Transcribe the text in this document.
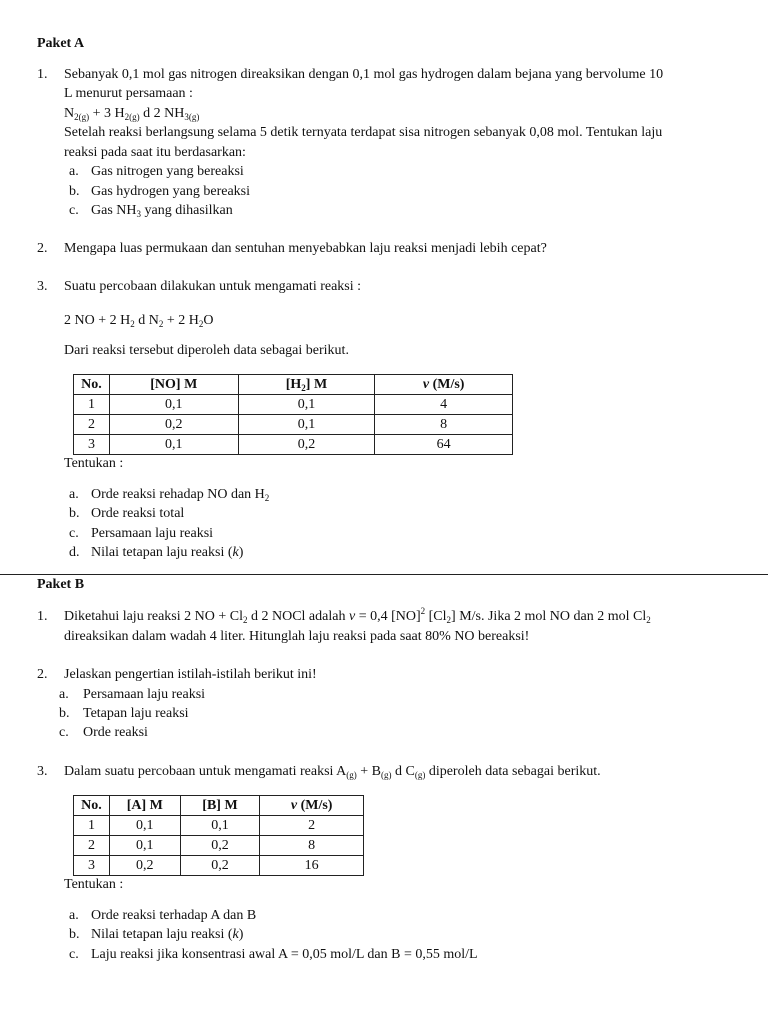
Paket A
1. Sebanyak 0,1 mol gas nitrogen direaksikan dengan 0,1 mol gas hydrogen dalam bejana yang bervolume 10
L menurut persamaan :
$N_{2(g)} + 3$ $H_{2(g)}$ d 2 $NH_{3(g)}$
Setelah reaksi berlangsung selama 5 detik ternyata terdapat sisa nitrogen sebanyak 0,08 mol. Tentukan laju
reaksi pada saat itu berdasarkan:
a. Gas nitrogen yang bereaksi
b. Gas hydrogen yang bereaksi
c. Gas $NH_3$ yang dihasilkan
2. Mengapa luas permukaan dan sentuhan menyebabkan laju reaksi menjadi lebih cepat?
3. Suatu percobaan dilakukan untuk mengamati reaksi :
2 NO + 2 $H_2$ d $N_2 + 2$ $H_2O$
Dari reaksi tersebut diperoleh data sebagai berikut.
No.	[NO] M	$[H_2]$ M	v (M/s)
1	0,1	0,1	4
2	0,2	0,1	8
3	0,1	0,2	64
Tentukan :
a. Orde reaksi rehadap NO dan $H_2$
b. Orde reaksi total
c. Persamaan laju reaksi
d. Nilai tetapan laju reaksi (k)
Paket B
1. Diketahui laju reaksi 2 NO + $Cl_2$ d 2 NOCl adalah v = 0,4 [NO]$^2$ $[Cl_2]$ M/s. Jika 2 mol NO dan 2 mol $Cl_2$
direaksikan dalam wadah 4 liter. Hitunglah laju reaksi pada saat 80% NO bereaksi!
2. Jelaskan pengertian istilah-istilah berikut ini!
a. Persamaan laju reaksi
b. Tetapan laju reaksi
c. Orde reaksi
3. Dalam suatu percobaan untuk mengamati reaksi $A_{(g)} + B_{(g)}$ d $C_{(g)}$ diperoleh data sebagai berikut.
No.	[A] M	[B] M	v (M/s)
1	0,1	0,1	2
2	0,1	0,2	8
3	0,2	0,2	16
Tentukan :
a. Orde reaksi terhadap A dan B
b. Nilai tetapan laju reaksi (k)
c. Laju reaksi jika konsentrasi awal A = 0,05 mol/L dan B = 0,55 mol/L
